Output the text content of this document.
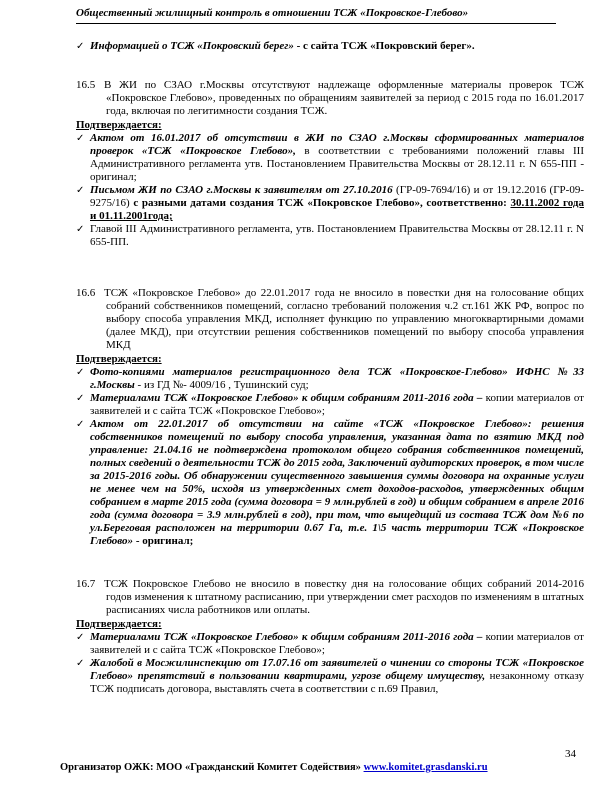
Общественный жилищный контроль в отношении ТСЖ «Покровское-Глебово»
✓ Информацией о ТСЖ «Покровский берег» - с сайта ТСЖ «Покровский берег».
16.5 В ЖИ по СЗАО г.Москвы отсутствуют надлежаще оформленные материалы проверок ТСЖ «Покровское Глебово», проведенных по обращениям заявителей за период с 2015 года по 16.01.2017 года, включая по легитимности создания ТСЖ.
Подтверждается:
✓ Актом от 16.01.2017 об отсутствии в ЖИ по СЗАО г.Москвы сформированных материалов проверок «ТСЖ «Покровское Глебово», в соответствии с требованиями положений главы III Административного регламента утв. Постановлением Правительства Москвы от 28.12.11 г. N 655-ПП - оригинал;
✓ Письмом ЖИ по СЗАО г.Москвы к заявителям от 27.10.2016 (ГР-09-7694/16) и от 19.12.2016 (ГР-09-9275/16) с разными датами создания ТСЖ «Покровское Глебово», соответственно: 30.11.2002 года и 01.11.2001года;
✓ Главой III Административного регламента, утв. Постановлением Правительства Москвы от 28.12.11 г. N 655-ПП.
16.6 ТСЖ «Покровское Глебово» до 22.01.2017 года не вносило в повестки дня на голосование общих собраний собственников помещений, согласно требований положения ч.2 ст.161 ЖК РФ, вопрос по выбору способа управления МКД, исполняет функцию по управлению многоквартирными домами (далее МКД), при отсутствии решения собственников помещений по выбору способа управления МКД
Подтверждается:
✓ Фото-копиями материалов регистрационного дела ТСЖ «Покровское-Глебово» ИФНС №33 г.Москвы - из ГД №- 4009/16 , Тушинский суд;
✓ Материалами ТСЖ «Покровское Глебово» к общим собраниям 2011-2016 года – копии материалов от заявителей и с сайта ТСЖ «Покровское Глебово»;
✓ Актом от 22.01.2017 об отсутствии на сайте «ТСЖ «Покровское Глебово»: решения собственников помещений по выбору способа управления, указанная дата по взятию МКД под управление: 21.04.16 не подтверждена протоколом общего собрания собственников помещений, полных сведений о деятельности ТСЖ до 2015 года, Заключений аудиторских проверок, в том числе за 2015-2016 годы. Об обнаружении существенного завышения суммы договора на охранные услуги не менее чем на 50%, исходя из утвержденных смет доходов-расходов, утвержденных общим собранием в марте 2015 года (сумма договора = 9 млн.рублей в год) и общим собранием в апреле 2016 года (сумма договора = 3.9 млн.рублей в год), при том, что выщедщий из состава ТСЖ дом №6 по ул.Береговая расположен на территории 0.67 Га, т.е. 1\5 часть территории ТСЖ «Покровское Глебово» - оригинал;
16.7 ТСЖ Покровское Глебово не вносило в повестку дня на голосование общих собраний 2014-2016 годов изменения к штатному расписанию, при утверждении смет расходов по изменениям в штатных расписаниях числа работников или оплаты.
Подтверждается:
✓ Материалами ТСЖ «Покровское Глебово» к общим собраниям 2011-2016 года – копии материалов от заявителей и с сайта ТСЖ «Покровское Глебово»;
✓ Жалобой в Мосжилинспекцию от 17.07.16 от заявителей о чинении со стороны ТСЖ «Покровское Глебово» препятствий в пользовании квартирами, угрозе общему имуществу, незаконному отказу ТСЖ подписать договора, выставлять счета в соответствии с п.69 Правил,
34
Организатор ОЖК: МОО «Гражданский Комитет Содействия» www.komitet.grasdanski.ru
